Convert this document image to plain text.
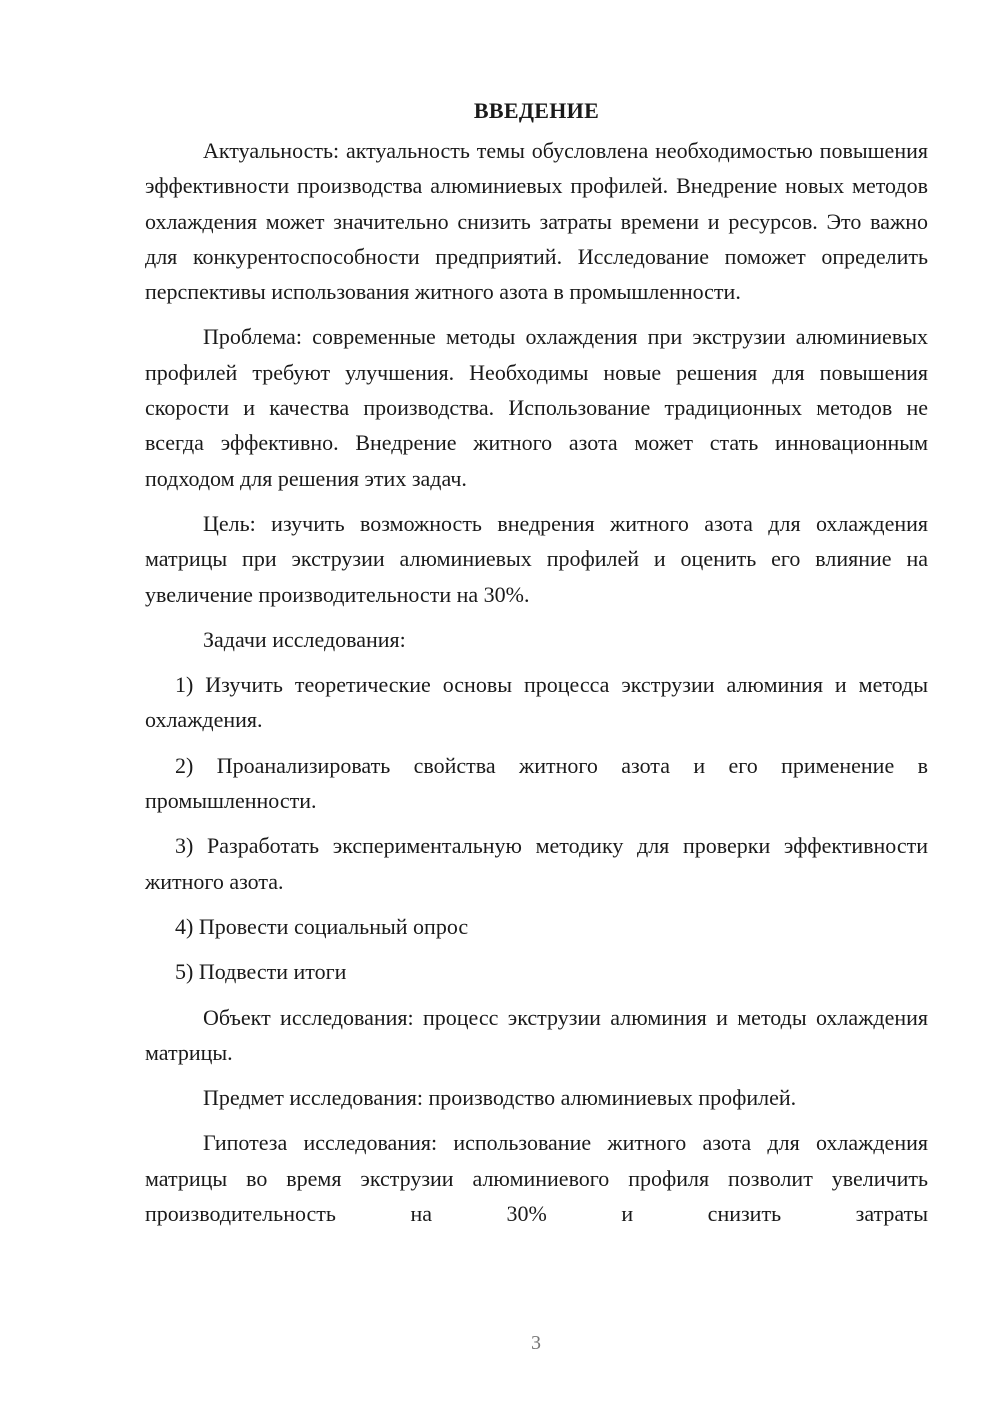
ВВЕДЕНИЕ

Актуальность: актуальность темы обусловлена необходимостью повышения эффективности производства алюминиевых профилей. Внедрение новых методов охлаждения может значительно снизить затраты времени и ресурсов. Это важно для конкурентоспособности предприятий. Исследование поможет определить перспективы использования житного азота в промышленности.

Проблема: современные методы охлаждения при экструзии алюминиевых профилей требуют улучшения. Необходимы новые решения для повышения скорости и качества производства. Использование традиционных методов не всегда эффективно. Внедрение житного азота может стать инновационным подходом для решения этих задач.

Цель: изучить возможность внедрения житного азота для охлаждения матрицы при экструзии алюминиевых профилей и оценить его влияние на увеличение производительности на 30%.

Задачи исследования:

1) Изучить теоретические основы процесса экструзии алюминия и методы охлаждения.

2) Проанализировать свойства житного азота и его применение в промышленности.

3) Разработать экспериментальную методику для проверки эффективности житного азота.

4) Провести социальный опрос

5) Подвести итоги

Объект исследования: процесс экструзии алюминия и методы охлаждения матрицы.

Предмет исследования: производство алюминиевых профилей.

Гипотеза исследования: использование житного азота для охлаждения матрицы во время экструзии алюминиевого профиля позволит увеличить производительность на 30% и снизить затраты

3
